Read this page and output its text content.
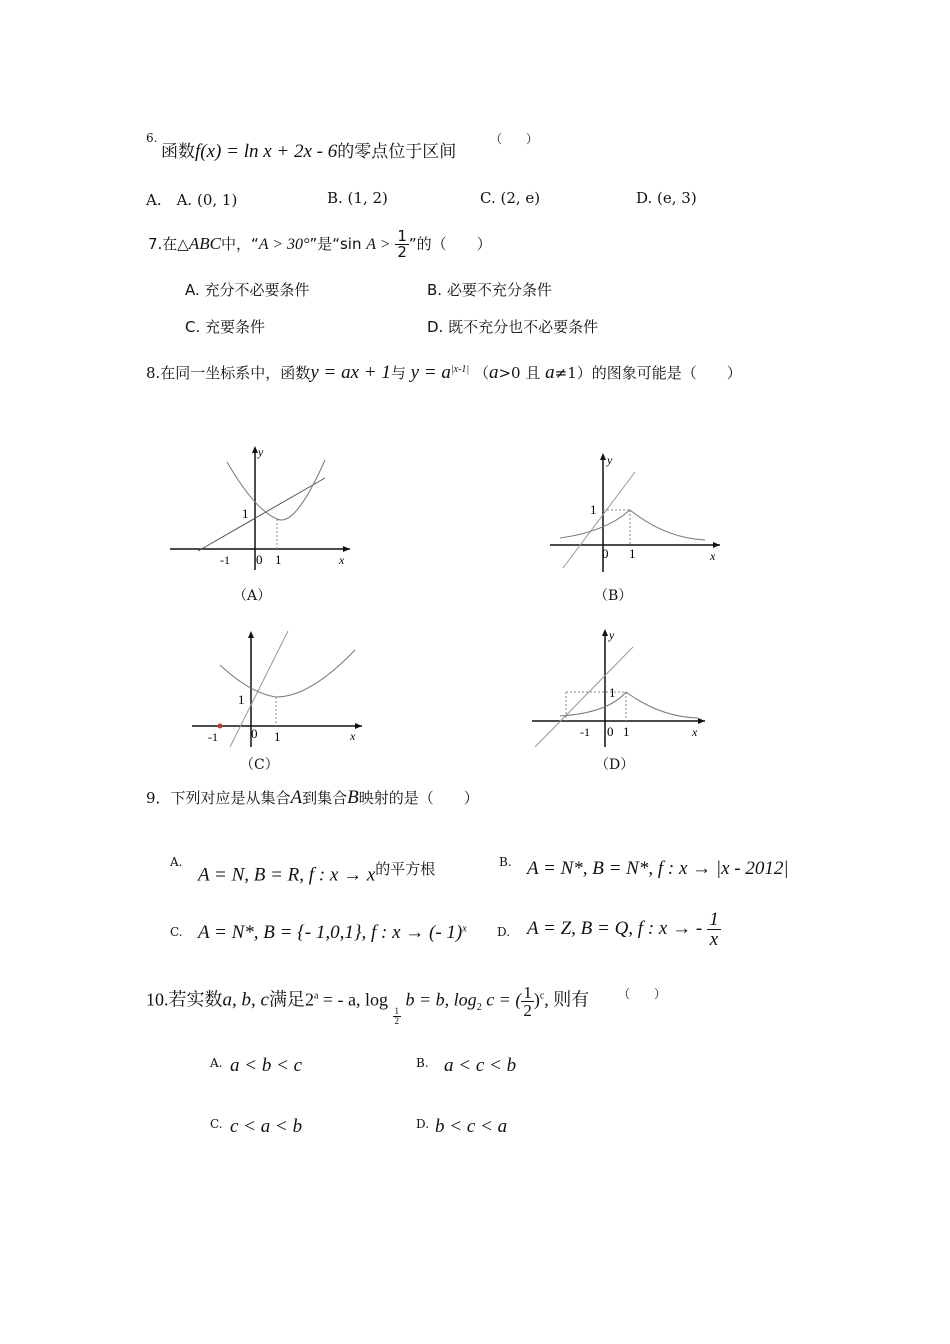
6.
函数f(x) = ln x + 2x - 6的零点位于区间
（　　）
A.　A. (0, 1)	B. (1, 2)	C. (2, e)	D. (e, 3)
7.在△ABC中，“A > 30°”是“sin $A > \frac{1}{2}$ ”的（　　）
A. 充分不必要条件	B. 必要不充分条件
C. 充要条件	D. 既不充分也不必要条件
8.在同一坐标系中，函数y = ax + 1与 $y = a^{|x-1|}$ （a>0 且 a≠1）的图象可能是（　　）
y
x
1
-1 0 1
（A）
y
x
1
0 1
（B）
x
1
-1	0 1
（C）
y
x
1
-1 0 1
（D）
9．下列对应是从集合A到集合B映射的是（　　）
A.
A = N, B = R, f : $x \to x^{的平方根}$	B. A = N*, B = N*, f : x → |x - 2012|
C. A = N*, B = {- 1,0,1}, f : x → (- 1)$^x$	D. A = Z, B = Q, f : x → - $\frac{1}{x}$
10.若实数a, b, c满足$2^a$ = - a, log
$\frac{1}{2}$
b = b, $\log_2 c$ = ( $\frac{1}{2} )^c$, 则有 （　　）
A. a < b < c	B. a < c < b
C. c < a < b	D. b < c < a
